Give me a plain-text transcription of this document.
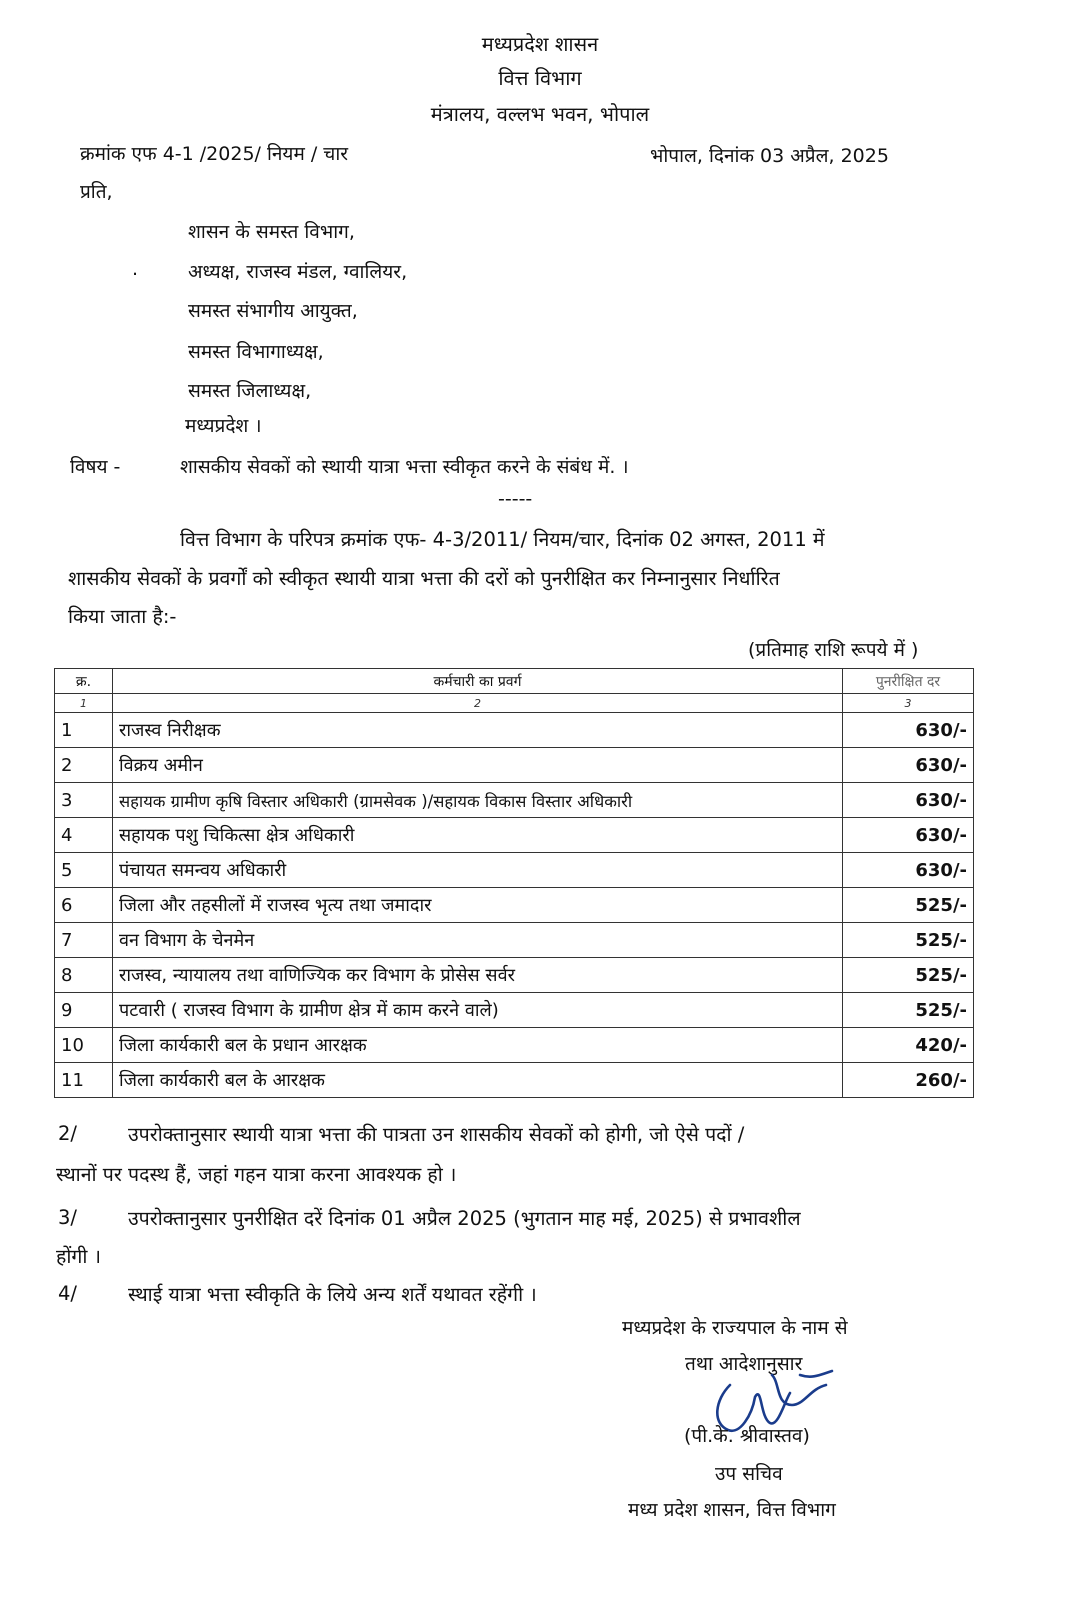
मध्यप्रदेश शासन
वित्त विभाग
मंत्रालय, वल्लभ भवन, भोपाल
क्रमांक एफ 4-1 /2025/ नियम / चार	भोपाल, दिनांक 03 अप्रैल, 2025
प्रति,
शासन के समस्त विभाग,
.	अध्यक्ष, राजस्व मंडल, ग्वालियर,
समस्त संभागीय आयुक्त,
समस्त विभागाध्यक्ष,
समस्त जिलाध्यक्ष,
मध्यप्रदेश ।
विषय -	शासकीय सेवकों को स्थायी यात्रा भत्ता स्वीकृत करने के संबंध में. ।
-----
वित्त विभाग के परिपत्र क्रमांक एफ- 4-3/2011/ नियम/चार, दिनांक 02 अगस्त, 2011 में
शासकीय सेवकों के प्रवर्गों को स्वीकृत स्थायी यात्रा भत्ता की दरों को पुनरीक्षित कर निम्नानुसार निर्धारित
किया जाता है:-
(प्रतिमाह राशि रूपये में )
क्र.	कर्मचारी का प्रवर्ग	पुनरीक्षित दर
1	2	3
1	राजस्व निरीक्षक	630/-
2	विक्रय अमीन	630/-
3	सहायक ग्रामीण कृषि विस्तार अधिकारी (ग्रामसेवक )/सहायक विकास विस्तार अधिकारी	630/-
4	सहायक पशु चिकित्सा क्षेत्र अधिकारी	630/-
5	पंचायत समन्वय अधिकारी	630/-
6	जिला और तहसीलों में राजस्व भृत्य तथा जमादार	525/-
7	वन विभाग के चेनमेन	525/-
8	राजस्व, न्यायालय तथा वाणिज्यिक कर विभाग के प्रोसेस सर्वर	525/-
9	पटवारी ( राजस्व विभाग के ग्रामीण क्षेत्र में काम करने वाले)	525/-
10	जिला कार्यकारी बल के प्रधान आरक्षक	420/-
11	जिला कार्यकारी बल के आरक्षक	260/-
2/	उपरोक्तानुसार स्थायी यात्रा भत्ता की पात्रता उन शासकीय सेवकों को होगी, जो ऐसे पदों /
स्थानों पर पदस्थ हैं, जहां गहन यात्रा करना आवश्यक हो ।
3/	उपरोक्तानुसार पुनरीक्षित दरें दिनांक 01 अप्रैल 2025 (भुगतान माह मई, 2025) से प्रभावशील
होंगी ।
4/	स्थाई यात्रा भत्ता स्वीकृति के लिये अन्य शर्तें यथावत रहेंगी ।
मध्यप्रदेश के राज्यपाल के नाम से
तथा आदेशानुसार
(पी.के. श्रीवास्तव)
उप सचिव
मध्य प्रदेश शासन, वित्त विभाग
